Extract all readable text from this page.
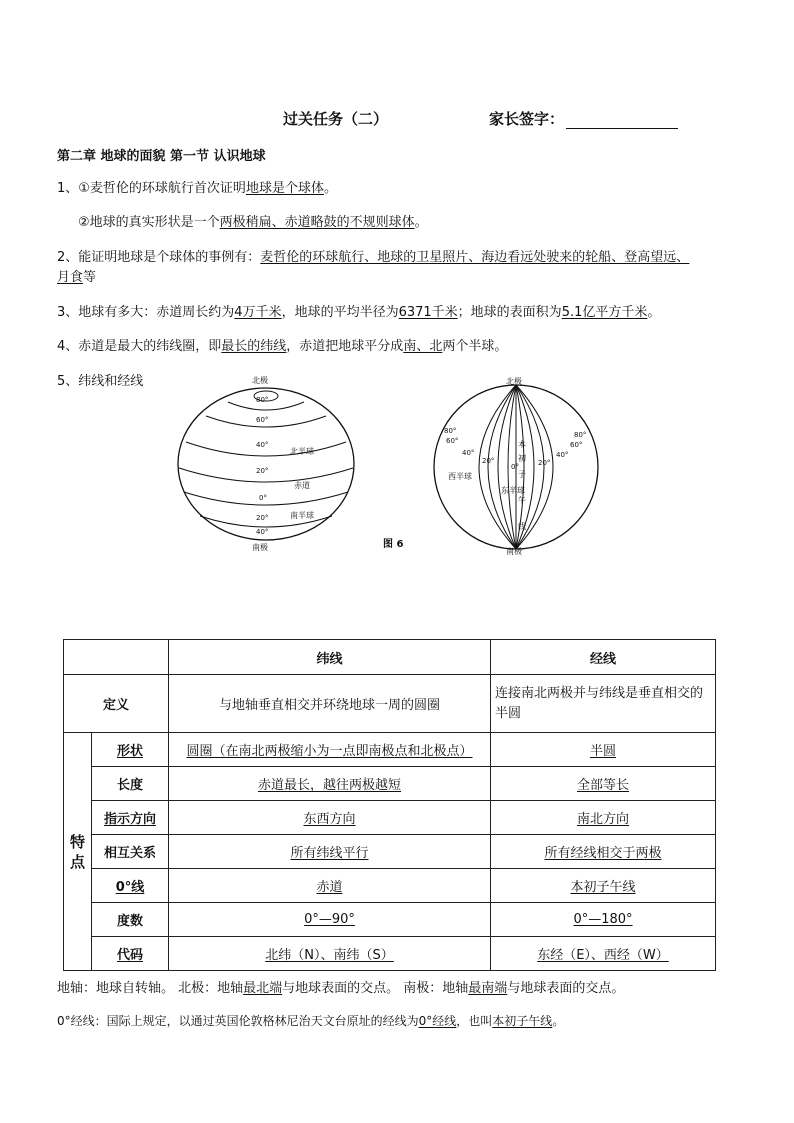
过关任务（二）	家长签字：
第二章 地球的面貌 第一节 认识地球
1、①麦哲伦的环球航行首次证明地球是个球体。
②地球的真实形状是一个两极稍扁、赤道略鼓的不规则球体。
2、能证明地球是个球体的事例有：麦哲伦的环球航行、地球的卫星照片、海边看远处驶来的轮船、登高望远、
月食等
3、地球有多大：赤道周长约为4万千米，地球的平均半径为6371千米；地球的表面积为5.1亿平方千米。
4、赤道是最大的纬线圈，即最长的纬线，赤道把地球平分成南、北两个半球。
5、纬线和经线	北极
80°
60°
40°
20°
0°
20°
40°
北半球
赤道
南半球
南极	图 6
北极
80°
60°
40°
20°
80°
60°
40°
20°
本
初
0°
子
午
线
西半球
东半球
南极
		纬线	经线
定义		与地轴垂直相交并环绕地球一周的圆圈	连接南北两极并与纬线是垂直相交的半圆
特点	形状	圆圈（在南北两极缩小为一点即南极点和北极点）	半圆
	长度	赤道最长，越往两极越短	全部等长
	指示方向	东西方向	南北方向
	相互关系	所有纬线平行	所有经线相交于两极
	0°线	赤道	本初子午线
	度数	0°—90°	0°—180°
	代码	北纬（N）、南纬（S）	东经（E）、西经（W）
地轴：地球自转轴。 北极：地轴最北端与地球表面的交点。 南极：地轴最南端与地球表面的交点。
0°经线：国际上规定，以通过英国伦敦格林尼治天文台原址的经线为0°经线，也叫本初子午线。
